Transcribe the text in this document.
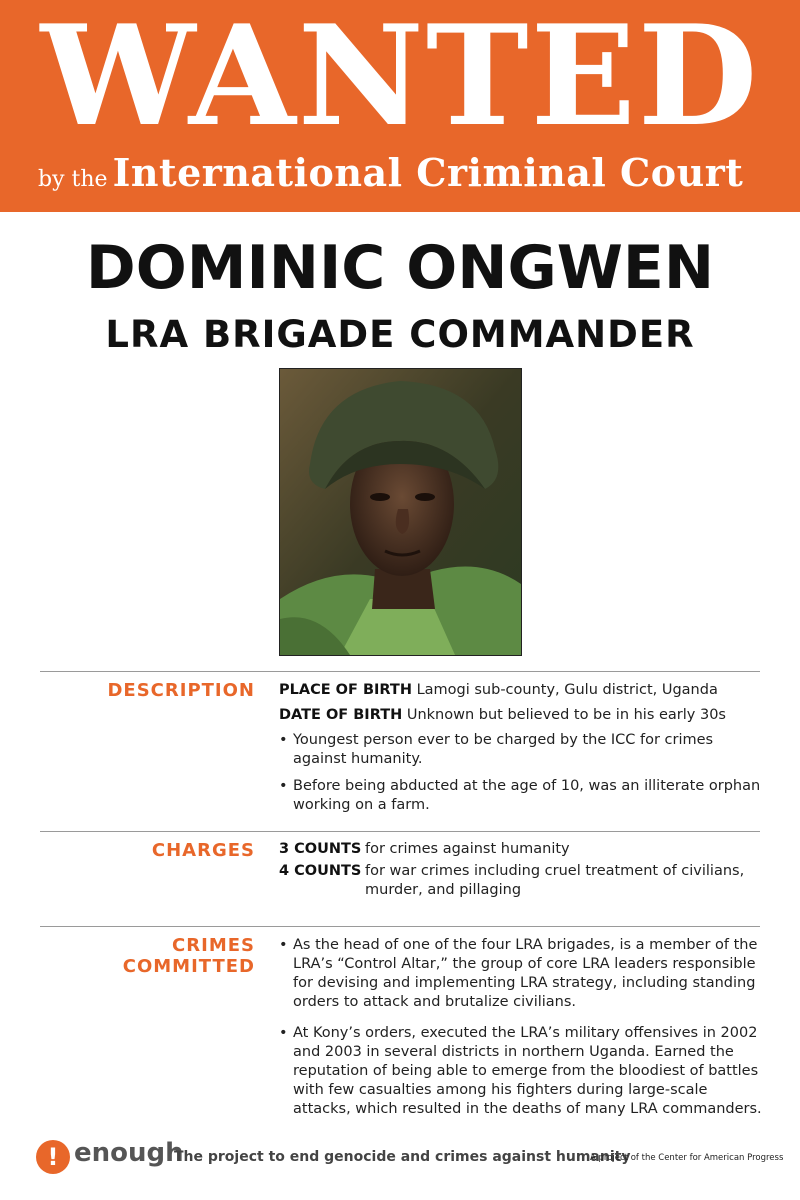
WANTED
by the International Criminal Court
DOMINIC ONGWEN
LRA BRIGADE COMMANDER
DESCRIPTION PLACE OF BIRTH Lamogi sub-county, Gulu district, Uganda
DATE OF BIRTH Unknown but believed to be in his early 30s
• Youngest person ever to be charged by the ICC for crimes against humanity.
• Before being abducted at the age of 10, was an illiterate orphan working on a farm.
CHARGES 3 COUNTS for crimes against humanity
4 COUNTS for war crimes including cruel treatment of civilians, murder, and pillaging
CRIMES COMMITTED
• As the head of one of the four LRA brigades, is a member of the LRA’s “Control Altar,” the group of core LRA leaders responsible for devising and implementing LRA strategy, including standing orders to attack and brutalize civilians.
• At Kony’s orders, executed the LRA’s military offensives in 2002 and 2003 in several districts in northern Uganda. Earned the reputation of being able to emerge from the bloodiest of battles with few casualties among his fighters during large-scale attacks, which resulted in the deaths of many LRA commanders.
! enough
The project to end genocide and crimes against humanity
A project of the Center for American Progress
